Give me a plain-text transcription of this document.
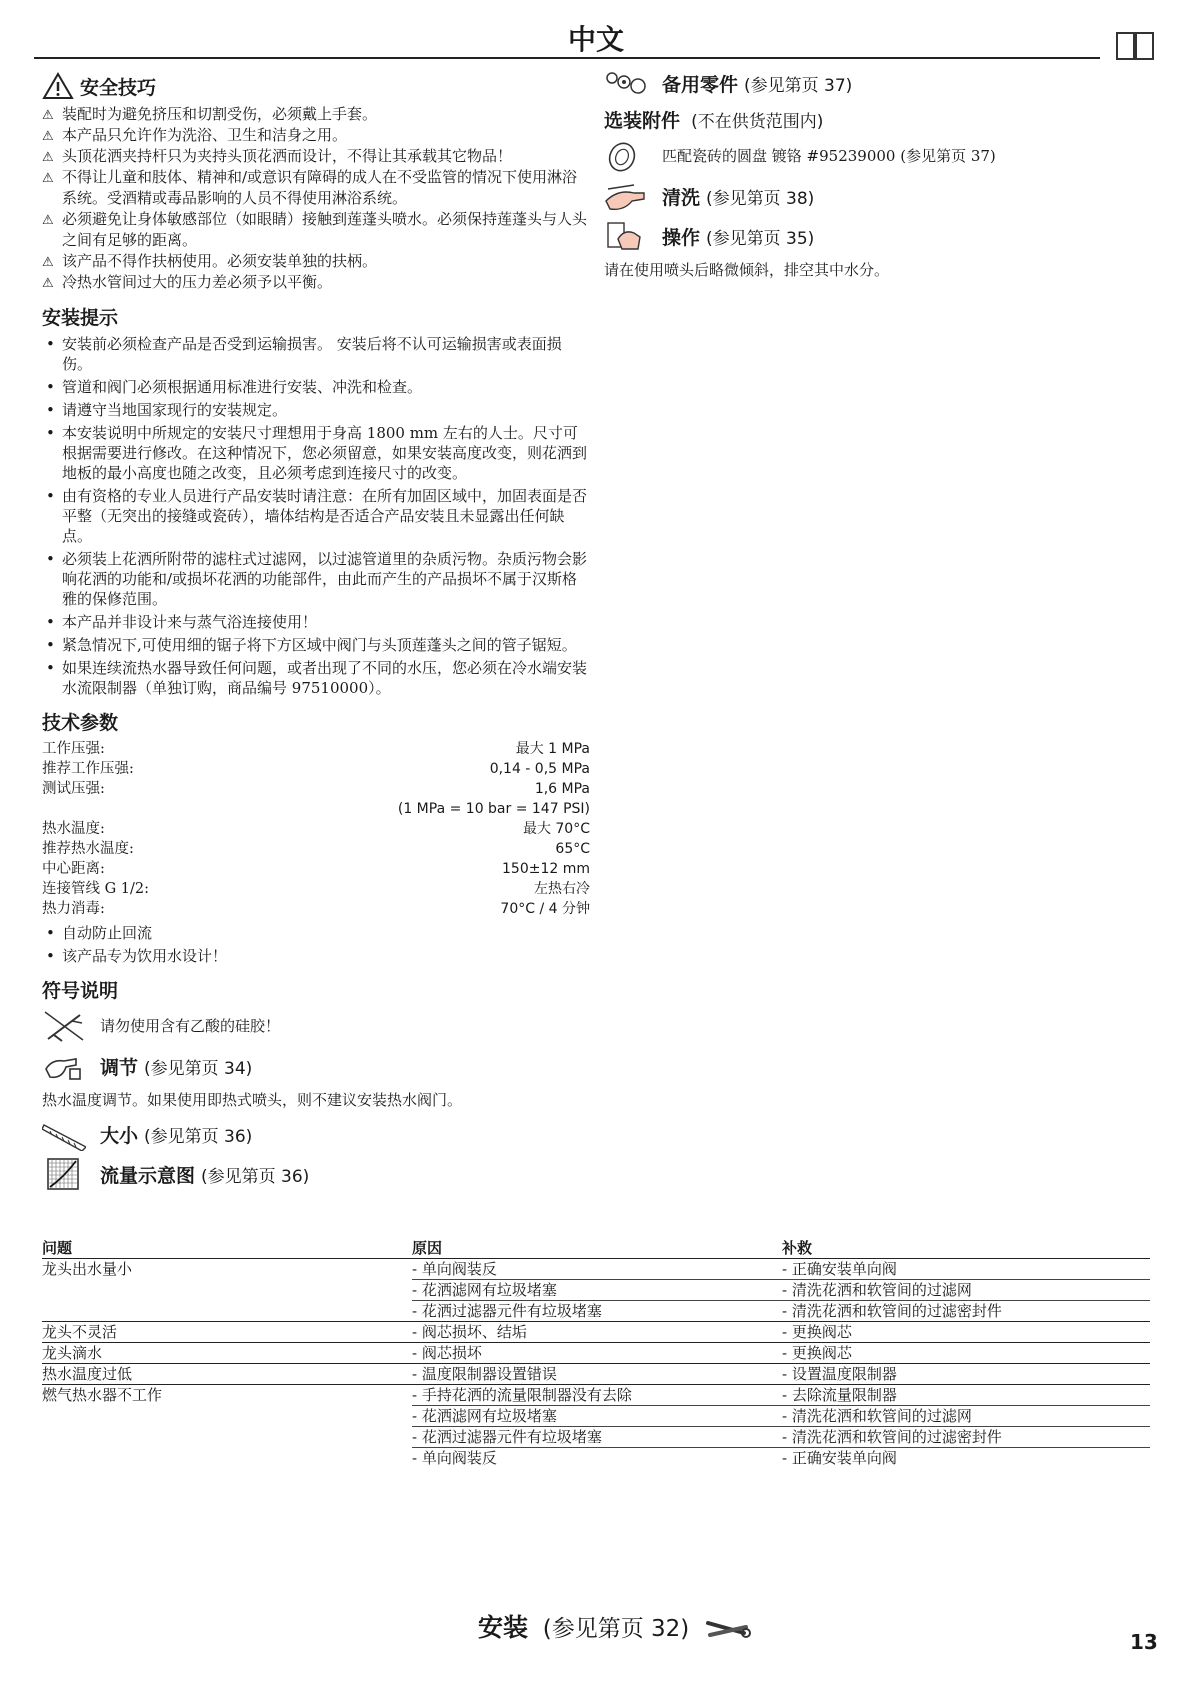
中文
安全技巧
⚠ 装配时为避免挤压和切割受伤，必须戴上手套。
⚠ 本产品只允许作为洗浴、卫生和洁身之用。
⚠ 头顶花洒夹持杆只为夹持头顶花洒而设计，不得让其承载其它物品！
⚠ 不得让儿童和肢体、精神和/或意识有障碍的成人在不受监管的情况下使用淋浴系统。受酒精或毒品影响的人员不得使用淋浴系统。
⚠ 必须避免让身体敏感部位（如眼睛）接触到莲蓬头喷水。必须保持莲蓬头与人头之间有足够的距离。
⚠ 该产品不得作扶柄使用。必须安装单独的扶柄。
⚠ 冷热水管间过大的压力差必须予以平衡。
安装提示
• 安装前必须检查产品是否受到运输损害。 安装后将不认可运输损害或表面损伤。
• 管道和阀门必须根据通用标准进行安装、冲洗和检查。
• 请遵守当地国家现行的安装规定。
• 本安装说明中所规定的安装尺寸理想用于身高 1800 mm 左右的人士。尺寸可根据需要进行修改。在这种情况下，您必须留意，如果安装高度改变，则花洒到地板的最小高度也随之改变，且必须考虑到连接尺寸的改变。
• 由有资格的专业人员进行产品安装时请注意：在所有加固区域中，加固表面是否平整（无突出的接缝或瓷砖），墙体结构是否适合产品安装且未显露出任何缺点。
• 必须装上花洒所附带的滤柱式过滤网，以过滤管道里的杂质污物。杂质污物会影响花洒的功能和/或损坏花洒的功能部件，由此而产生的产品损坏不属于汉斯格雅的保修范围。
• 本产品并非设计来与蒸气浴连接使用！
• 紧急情况下,可使用细的锯子将下方区域中阀门与头顶莲蓬头之间的管子锯短。
• 如果连续流热水器导致任何问题，或者出现了不同的水压，您必须在冷水端安装水流限制器（单独订购，商品编号 97510000）。
技术参数
工作压强:	最大 1 MPa
推荐工作压强:	0,14 - 0,5 MPa
测试压强:	1,6 MPa
(1 MPa = 10 bar = 147 PSI)
热水温度:	最大 70°C
推荐热水温度:	65°C
中心距离:	150±12 mm
连接管线 G 1/2:	左热右冷
热力消毒:	70°C / 4 分钟
• 自动防止回流
• 该产品专为饮用水设计！
符号说明
请勿使用含有乙酸的硅胶！
调节 (参见第页 34)
热水温度调节。如果使用即热式喷头，则不建议安装热水阀门。
大小 (参见第页 36)
流量示意图 (参见第页 36)
备用零件 (参见第页 37)
选装附件 (不在供货范围内)
匹配瓷砖的圆盘 镀铬 #95239000 (参见第页 37)
清洗 (参见第页 38)
操作 (参见第页 35)
请在使用喷头后略微倾斜，排空其中水分。
问题	原因	补救
龙头出水量小	- 单向阀装反	- 正确安装单向阀
- 花洒滤网有垃圾堵塞	- 清洗花洒和软管间的过滤网
- 花洒过滤器元件有垃圾堵塞	- 清洗花洒和软管间的过滤密封件
龙头不灵活	- 阀芯损坏、结垢	- 更换阀芯
龙头滴水	- 阀芯损坏	- 更换阀芯
热水温度过低	- 温度限制器设置错误	- 设置温度限制器
燃气热水器不工作	- 手持花洒的流量限制器没有去除	- 去除流量限制器
- 花洒滤网有垃圾堵塞	- 清洗花洒和软管间的过滤网
- 花洒过滤器元件有垃圾堵塞	- 清洗花洒和软管间的过滤密封件
- 单向阀装反	- 正确安装单向阀
安装 (参见第页 32)	13
